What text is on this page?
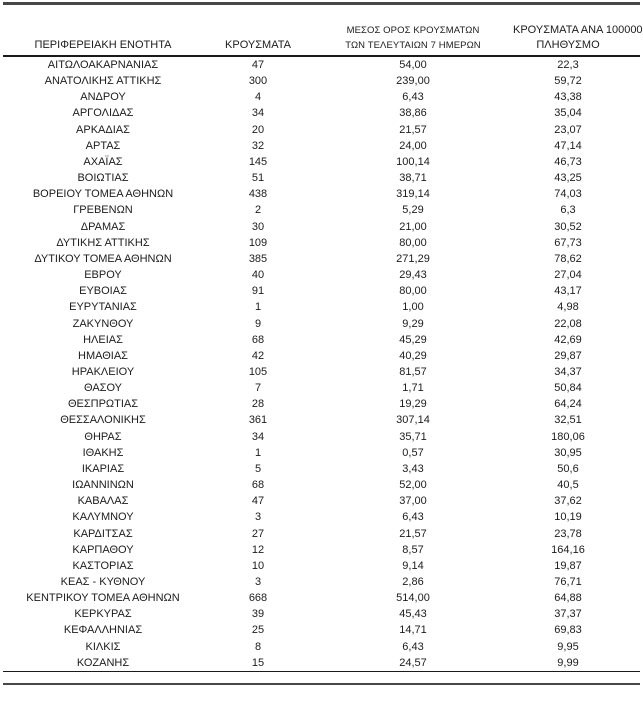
ΠΕΡΙΦΕΡΕΙΑΚΗ ΕΝΟΤΗΤΑ	ΚΡΟΥΣΜΑΤΑ	
ΜΕΣΟΣ ΟΡΟΣ ΚΡΟΥΣΜΑΤΩΝ
ΤΩΝ ΤΕΛΕΥΤΑΙΩΝ 7 ΗΜΕΡΩΝ

ΚΡΟΥΣΜΑΤΑ ΑΝΑ 100000
ΠΛΗΘΥΣΜΟ

ΑΙΤΩΛΟΑΚΑΡΝΑΝΙΑΣ	47	54,00	22,3
ΑΝΑΤΟΛΙΚΗΣ ΑΤΤΙΚΗΣ	300	239,00	59,72
ΑΝΔΡΟΥ	4	6,43	43,38
ΑΡΓΟΛΙΔΑΣ	34	38,86	35,04
ΑΡΚΑΔΙΑΣ	20	21,57	23,07
ΑΡΤΑΣ	32	24,00	47,14
ΑΧΑΪΑΣ	145	100,14	46,73
ΒΟΙΩΤΙΑΣ	51	38,71	43,25
ΒΟΡΕΙΟΥ ΤΟΜΕΑ ΑΘΗΝΩΝ	438	319,14	74,03
ΓΡΕΒΕΝΩΝ	2	5,29	6,3
ΔΡΑΜΑΣ	30	21,00	30,52
ΔΥΤΙΚΗΣ ΑΤΤΙΚΗΣ	109	80,00	67,73
ΔΥΤΙΚΟΥ ΤΟΜΕΑ ΑΘΗΝΩΝ	385	271,29	78,62
ΕΒΡΟΥ	40	29,43	27,04
ΕΥΒΟΙΑΣ	91	80,00	43,17
ΕΥΡΥΤΑΝΙΑΣ	1	1,00	4,98
ΖΑΚΥΝΘΟΥ	9	9,29	22,08
ΗΛΕΙΑΣ	68	45,29	42,69
ΗΜΑΘΙΑΣ	42	40,29	29,87
ΗΡΑΚΛΕΙΟΥ	105	81,57	34,37
ΘΑΣΟΥ	7	1,71	50,84
ΘΕΣΠΡΩΤΙΑΣ	28	19,29	64,24
ΘΕΣΣΑΛΟΝΙΚΗΣ	361	307,14	32,51
ΘΗΡΑΣ	34	35,71	180,06
ΙΘΑΚΗΣ	1	0,57	30,95
ΙΚΑΡΙΑΣ	5	3,43	50,6
ΙΩΑΝΝΙΝΩΝ	68	52,00	40,5
ΚΑΒΑΛΑΣ	47	37,00	37,62
ΚΑΛΥΜΝΟΥ	3	6,43	10,19
ΚΑΡΔΙΤΣΑΣ	27	21,57	23,78
ΚΑΡΠΑΘΟΥ	12	8,57	164,16
ΚΑΣΤΟΡΙΑΣ	10	9,14	19,87
ΚΕΑΣ - ΚΥΘΝΟΥ	3	2,86	76,71
ΚΕΝΤΡΙΚΟΥ ΤΟΜΕΑ ΑΘΗΝΩΝ	668	514,00	64,88
ΚΕΡΚΥΡΑΣ	39	45,43	37,37
ΚΕΦΑΛΛΗΝΙΑΣ	25	14,71	69,83
ΚΙΛΚΙΣ	8	6,43	9,95
ΚΟΖΑΝΗΣ	15	24,57	9,99
